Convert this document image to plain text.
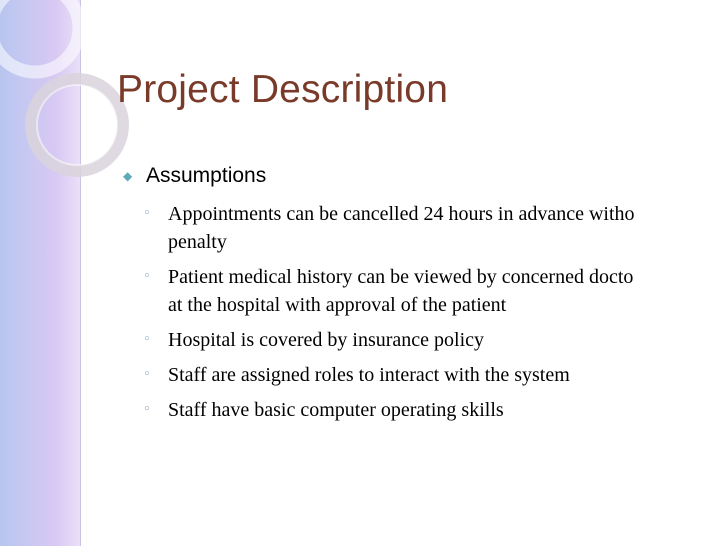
Project Description
◆ Assumptions
◦ Appointments can be cancelled 24 hours in advance witho
penalty
◦ Patient medical history can be viewed by concerned docto
at the hospital with approval of the patient
◦ Hospital is covered by insurance policy
◦ Staff are assigned roles to interact with the system
◦ Staff have basic computer operating skills
